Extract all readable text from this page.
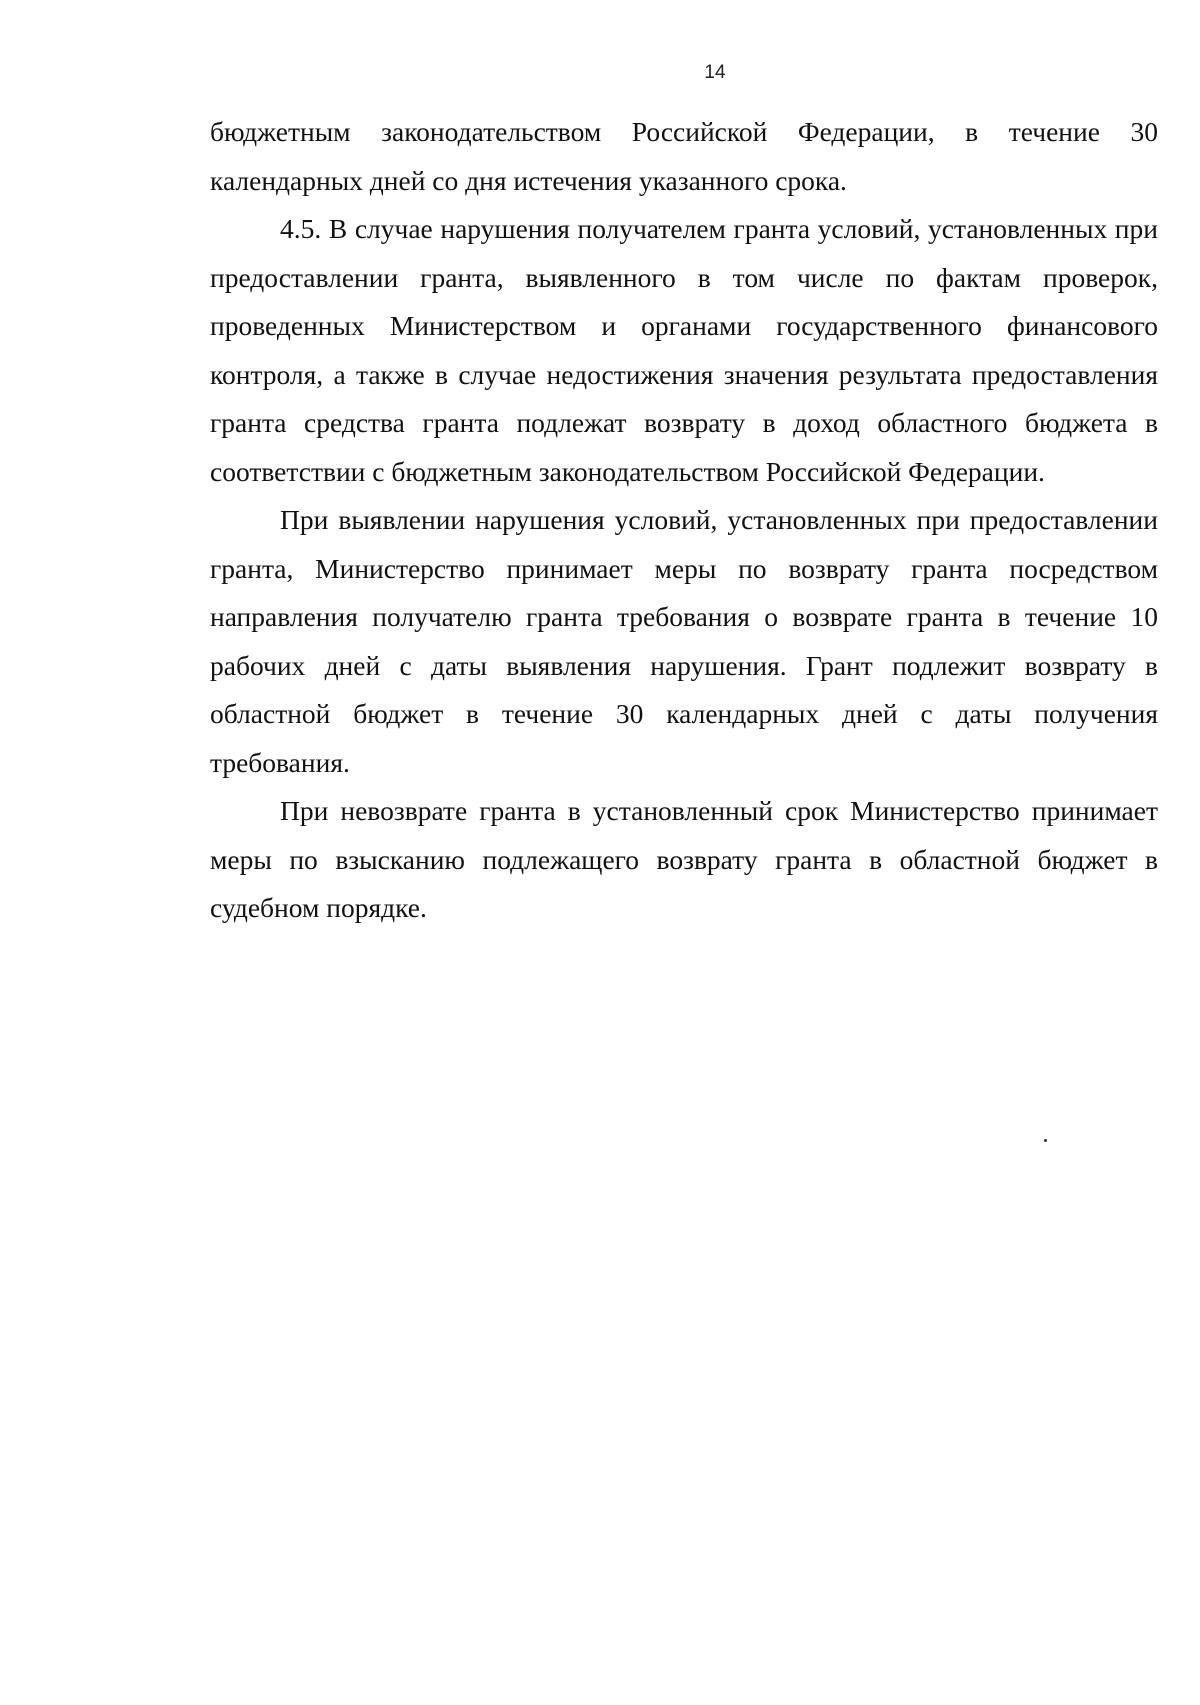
14

бюджетным законодательством Российской Федерации, в течение 30 календарных дней со дня истечения указанного срока.

4.5. В случае нарушения получателем гранта условий, установленных при предоставлении гранта, выявленного в том числе по фактам проверок, проведенных Министерством и органами государственного финансового контроля, а также в случае недостижения значения результата предоставления гранта средства гранта подлежат возврату в доход областного бюджета в соответствии с бюджетным законодательством Российской Федерации.

При выявлении нарушения условий, установленных при предоставлении гранта, Министерство принимает меры по возврату гранта посредством направления получателю гранта требования о возврате гранта в течение 10 рабочих дней с даты выявления нарушения. Грант подлежит возврату в областной бюджет в течение 30 календарных дней с даты получения требования.

При невозврате гранта в установленный срок Министерство принимает меры по взысканию подлежащего возврату гранта в областной бюджет в судебном порядке.
